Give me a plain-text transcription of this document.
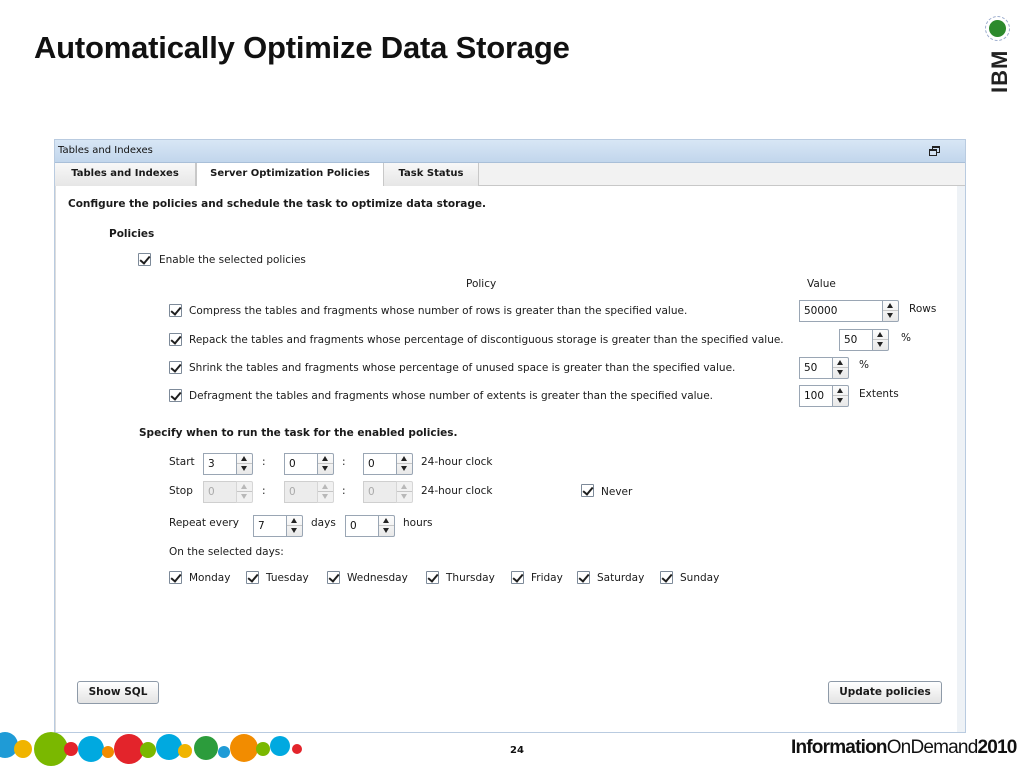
Automatically Optimize Data Storage
IBM
Tables and Indexes
Tables and Indexes	Server Optimization Policies	Task Status
Configure the policies and schedule the task to optimize data storage.
Policies
Enable the selected policies
Policy	Value
Compress the tables and fragments whose number of rows is greater than the specified value.	50000	Rows
Repack the tables and fragments whose percentage of discontiguous storage is greater than the specified value.	50	%
Shrink the tables and fragments whose percentage of unused space is greater than the specified value.	50	%
Defragment the tables and fragments whose number of extents is greater than the specified value.	100	Extents
Specify when to run the task for the enabled policies.
Start	3	:	0	:	0	24-hour clock
Stop	0	:	0	:	0	24-hour clock	Never
Repeat every	7	days	0	hours
On the selected days:
Monday	Tuesday	Wednesday	Thursday	Friday	Saturday	Sunday
Show SQL	Update policies
24	InformationOnDemand2010
